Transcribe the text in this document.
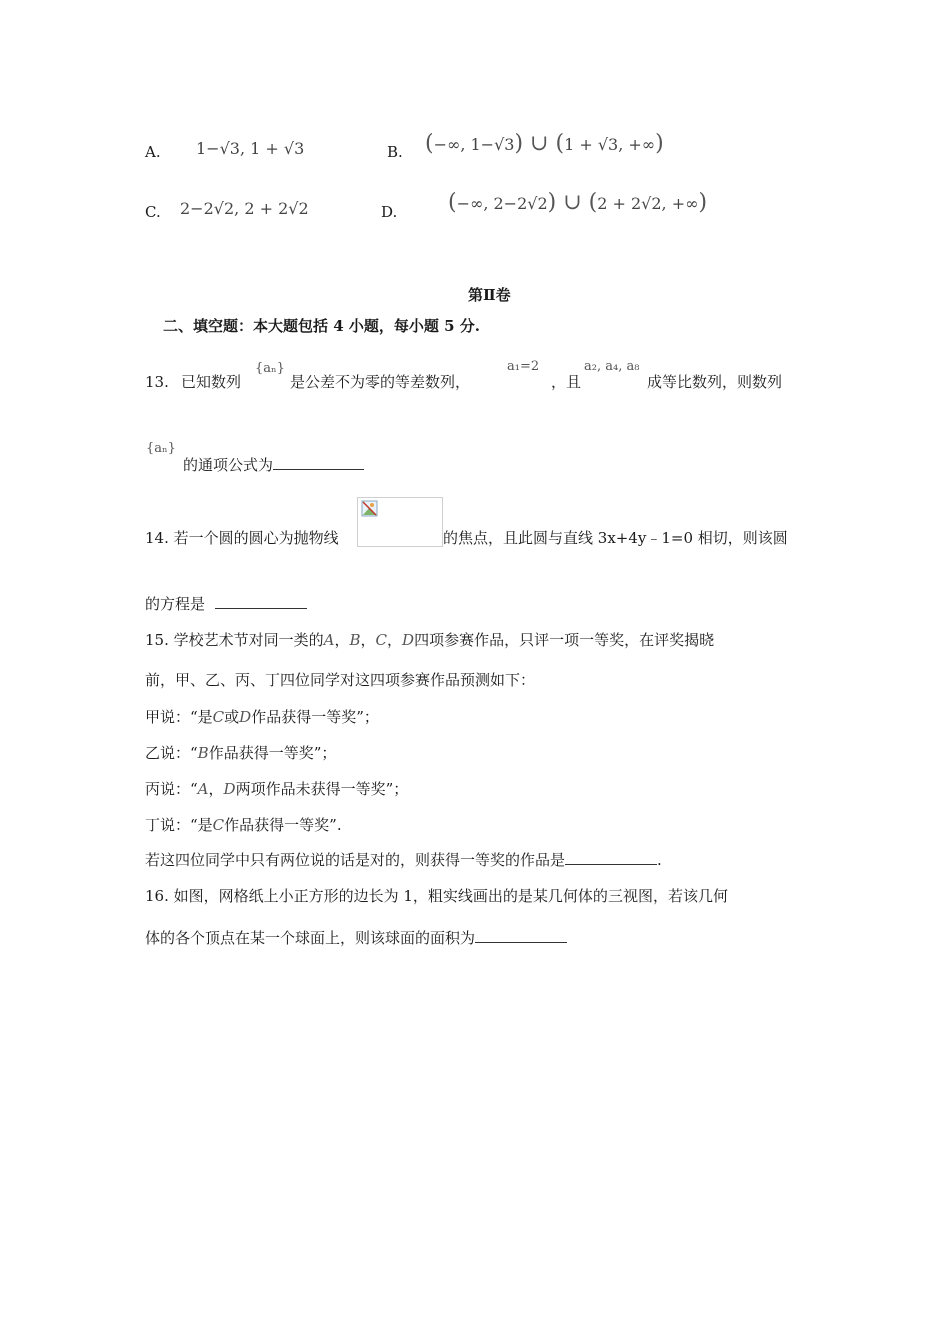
A. 1−√3, 1 + √3	B. (−∞, 1−√3) ∪ (1 + √3, +∞)
C. 2−2√2, 2 + 2√2	D. (−∞, 2−2√2) ∪ (2 + 2√2, +∞)
第Ⅱ卷
二、填空题：本大题包括 4 小题，每小题 5 分.
13. 已知数列
{aₙ}
是公差不为零的等差数列，
a₁=2
，且
a₂, a₄, a₈
成等比数列，则数列
{aₙ}
的通项公式为
14. 若一个圆的圆心为抛物线	的焦点，且此圆与直线 3x+4y﹣1=0 相切，则该圆
的方程是
15. 学校艺术节对同一类的A，B，C，D四项参赛作品，只评一项一等奖，在评奖揭晓
前，甲、乙、丙、丁四位同学对这四项参赛作品预测如下：
甲说：“是C或D作品获得一等奖”；
乙说：“B作品获得一等奖”；
丙说：“A，D两项作品未获得一等奖”；
丁说：“是C作品获得一等奖”.
若这四位同学中只有两位说的话是对的，则获得一等奖的作品是	.
16. 如图，网格纸上小正方形的边长为 1，粗实线画出的是某几何体的三视图，若该几何
体的各个顶点在某一个球面上，则该球面的面积为
